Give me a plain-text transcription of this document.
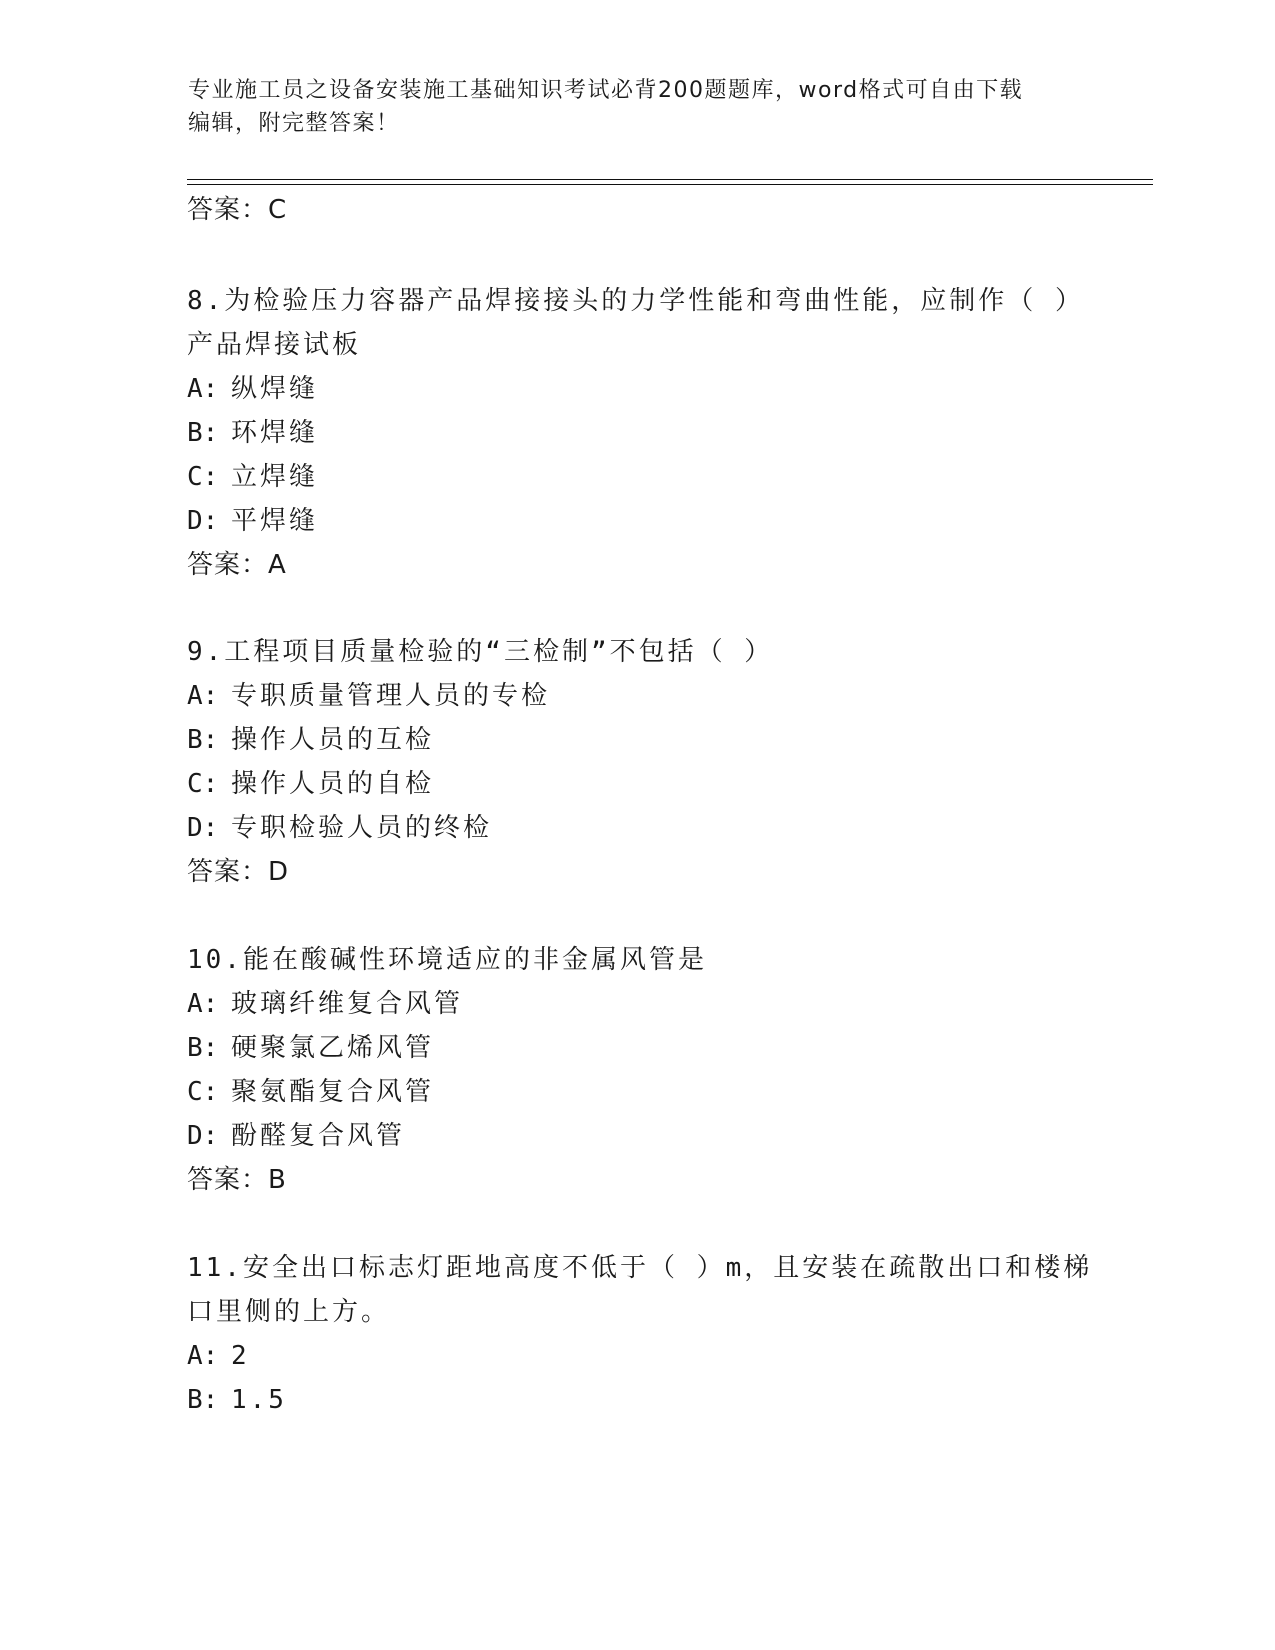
专业施工员之设备安装施工基础知识考试必背200题题库，word格式可自由下载
编辑，附完整答案！
答案：C
8.为检验压力容器产品焊接接头的力学性能和弯曲性能，应制作（ ）
产品焊接试板
A: 纵焊缝
B: 环焊缝
C: 立焊缝
D: 平焊缝
答案：A
9.工程项目质量检验的“三检制”不包括（ ）
A: 专职质量管理人员的专检
B: 操作人员的互检
C: 操作人员的自检
D: 专职检验人员的终检
答案：D
10.能在酸碱性环境适应的非金属风管是
A: 玻璃纤维复合风管
B: 硬聚氯乙烯风管
C: 聚氨酯复合风管
D: 酚醛复合风管
答案：B
11.安全出口标志灯距地高度不低于（ ）m，且安装在疏散出口和楼梯
口里侧的上方。
A: 2
B: 1.5
